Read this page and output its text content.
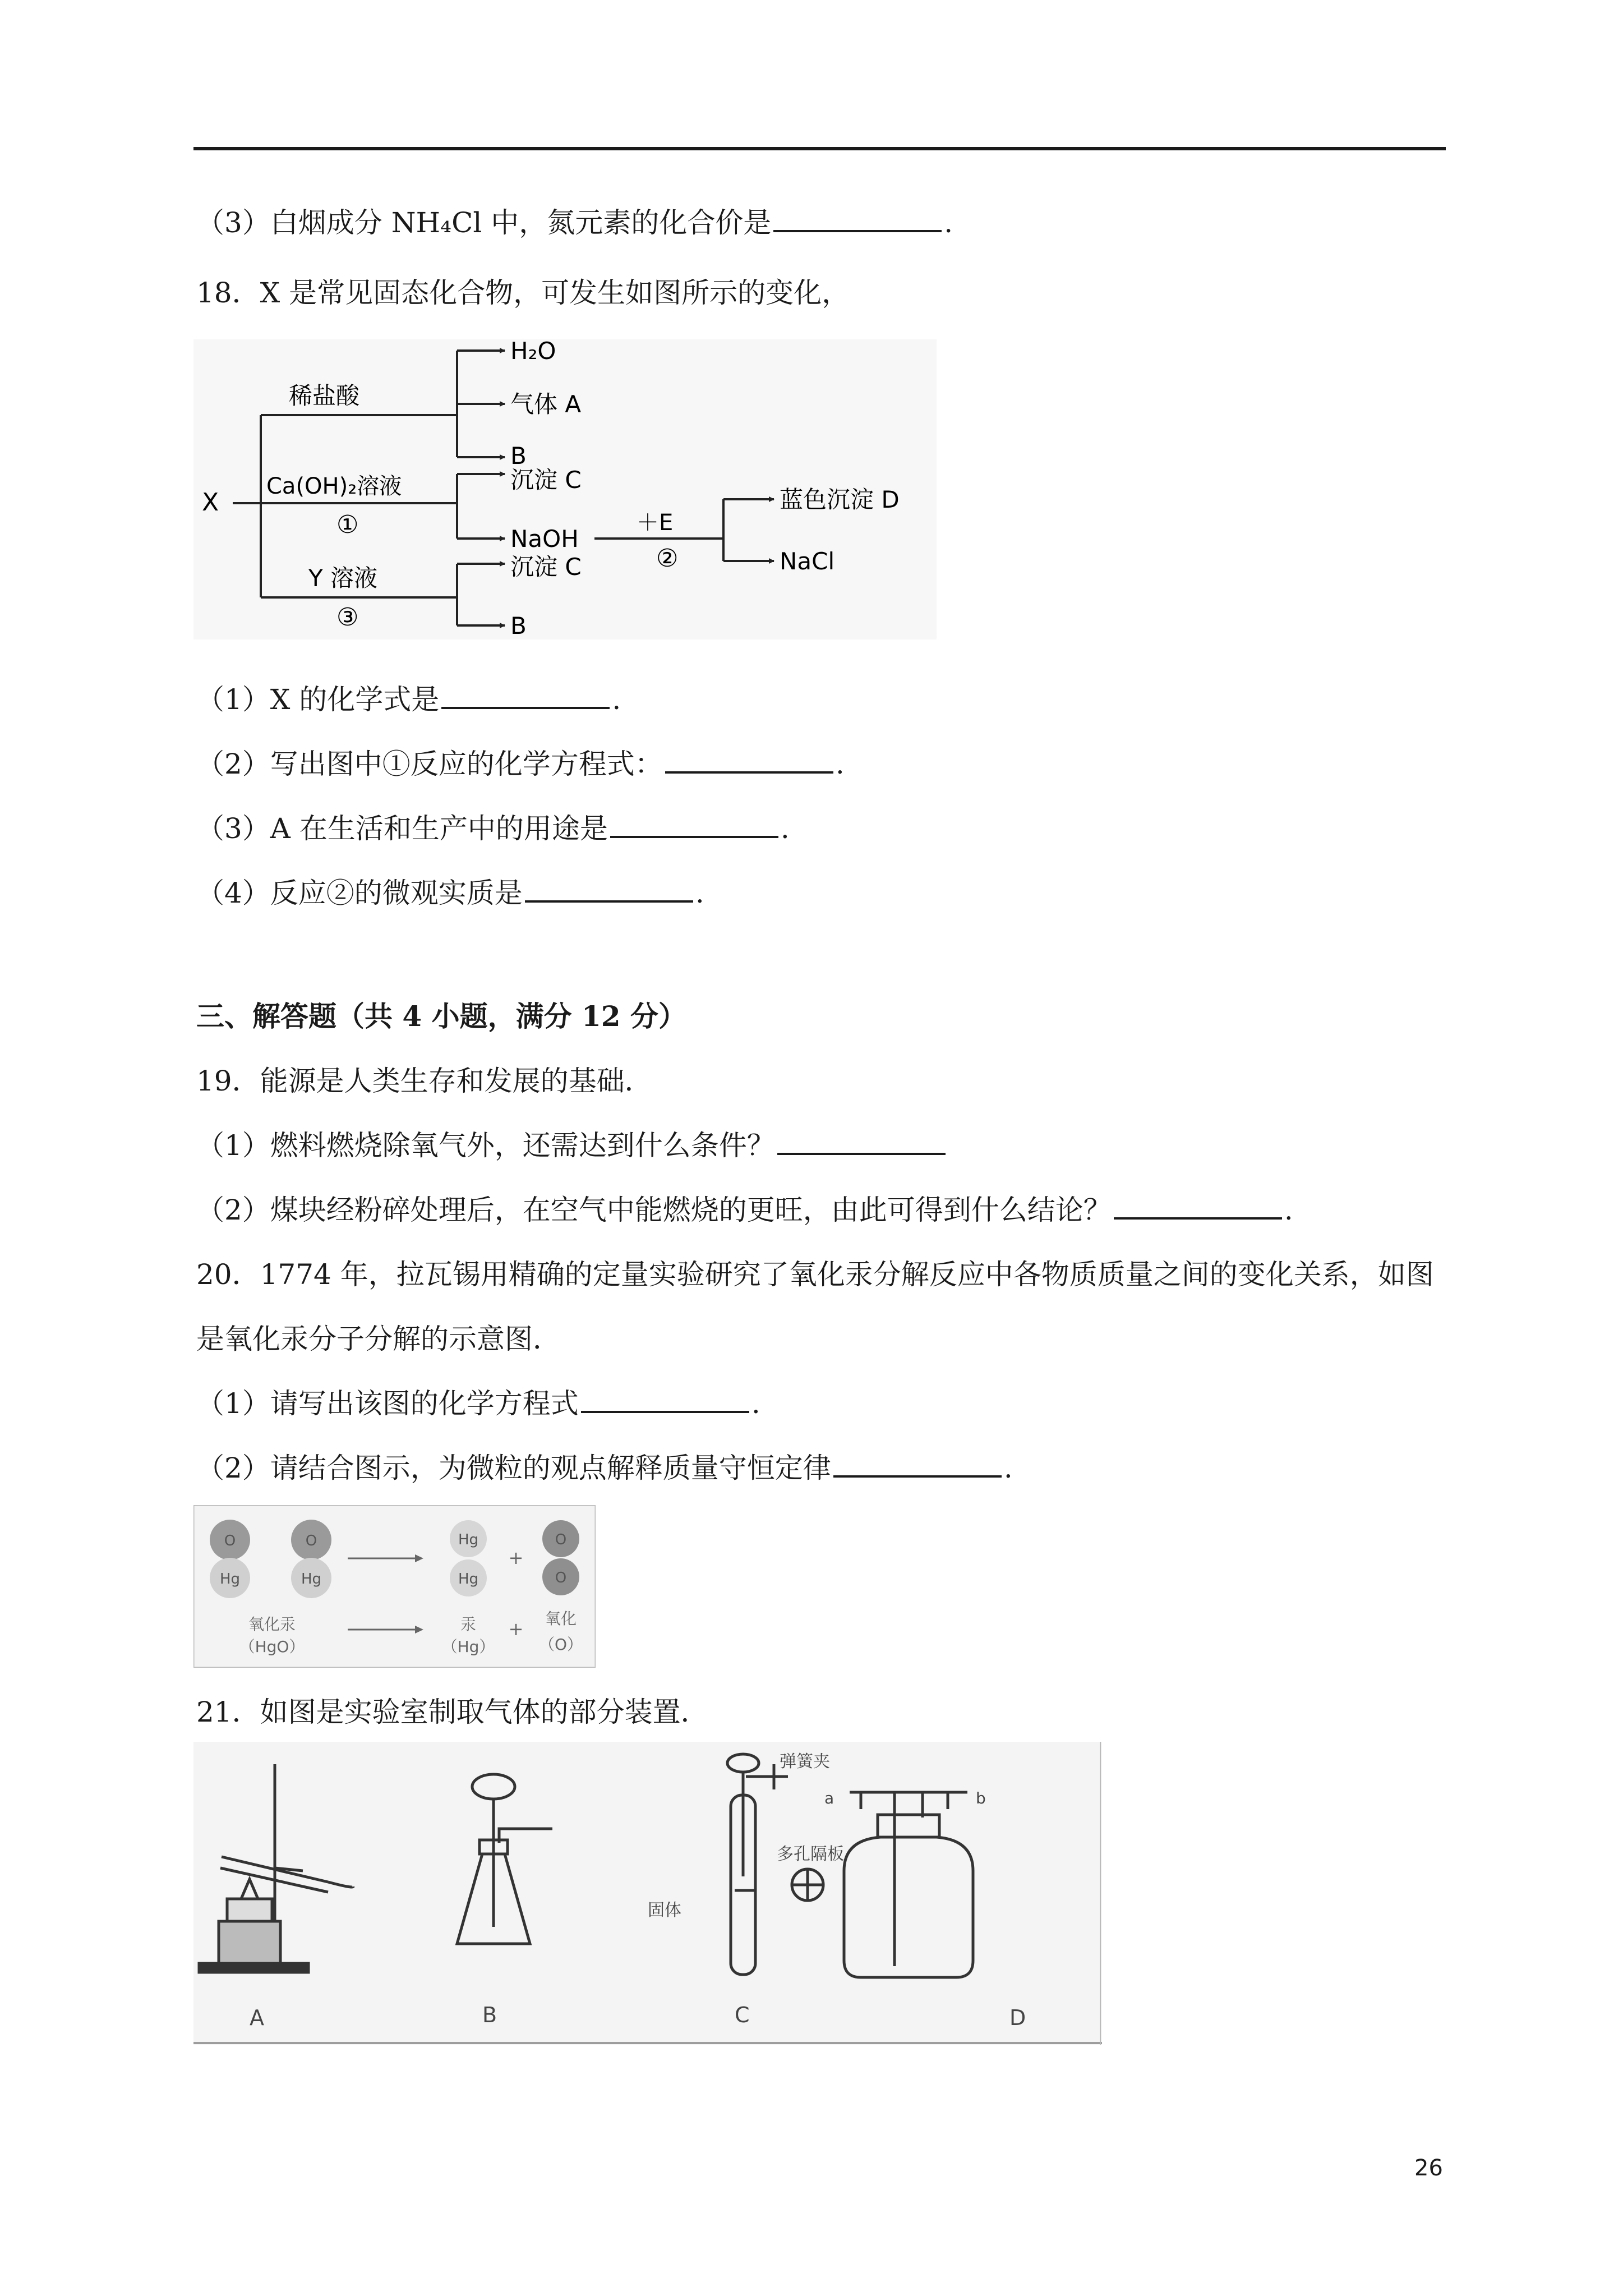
（3）白烟成分 NH₄Cl 中，氮元素的化合价是	.
18．X 是常见固态化合物，可发生如图所示的变化，
X
稀盐酸
H₂O
气体 A
B
Ca(OH)₂溶液
①
沉淀 C
NaOH
＋E
②
蓝色沉淀 D
NaCl
Y 溶液
③
沉淀 C
B
（1）X 的化学式是	.
（2）写出图中①反应的化学方程式：	.
（3）A 在生活和生产中的用途是	.
（4）反应②的微观实质是	.
三、解答题（共 4 小题，满分 12 分）
19．能源是人类生存和发展的基础．
（1）燃料燃烧除氧气外，还需达到什么条件？
（2）煤块经粉碎处理后，在空气中能燃烧的更旺，由此可得到什么结论？	.
20．1774 年，拉瓦锡用精确的定量实验研究了氧化汞分解反应中各物质质量之间的变化关系，如图
是氧化汞分子分解的示意图．
（1）请写出该图的化学方程式	.
（2）请结合图示，为微粒的观点解释质量守恒定律	.
O
Hg
O
Hg
Hg
Hg
+
O
O
氧化汞
（HgO）
汞
（Hg）
+ 氧化
（O）
21．如图是实验室制取气体的部分装置．
弹簧夹
多孔隔板
固体
a	b
A	B	C	D
26
